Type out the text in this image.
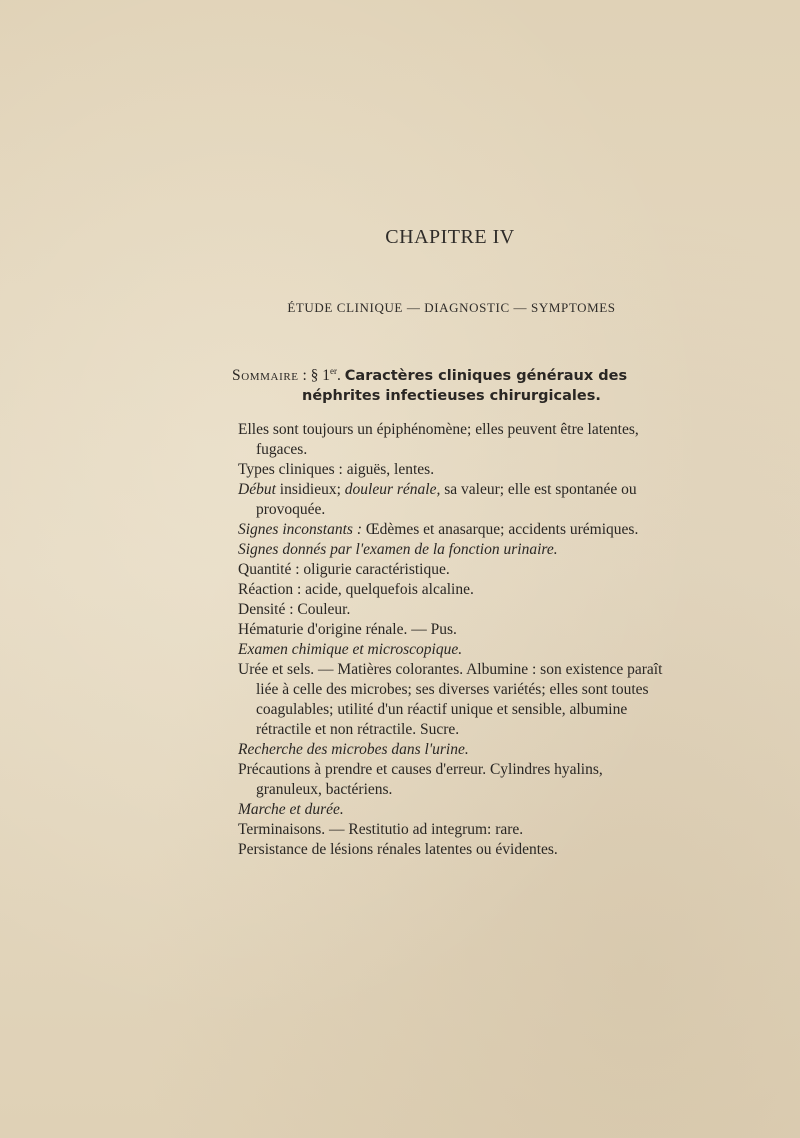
CHAPITRE IV
ÉTUDE CLINIQUE — DIAGNOSTIC — SYMPTOMES
Sommaire : § 1er. Caractères cliniques généraux des
néphrites infectieuses chirurgicales.

Elles sont toujours un épiphénomène; elles peuvent être latentes, fugaces.

Types cliniques : aiguës, lentes.

Début insidieux; douleur rénale, sa valeur; elle est spontanée ou provoquée.

Signes inconstants : Œdèmes et anasarque; accidents urémiques.

Signes donnés par l'examen de la fonction urinaire.

Quantité : oligurie caractéristique.

Réaction : acide, quelquefois alcaline.

Densité : Couleur.

Hématurie d'origine rénale. — Pus.

Examen chimique et microscopique.

Urée et sels. — Matières colorantes. Albumine : son existence paraît liée à celle des microbes; ses diverses variétés; elles sont toutes coagulables; utilité d'un réactif unique et sensible, albumine rétractile et non rétractile. Sucre.

Recherche des microbes dans l'urine.

Précautions à prendre et causes d'erreur. Cylindres hyalins, granuleux, bactériens.

Marche et durée.

Terminaisons. — Restitutio ad integrum: rare.

Persistance de lésions rénales latentes ou évidentes.
